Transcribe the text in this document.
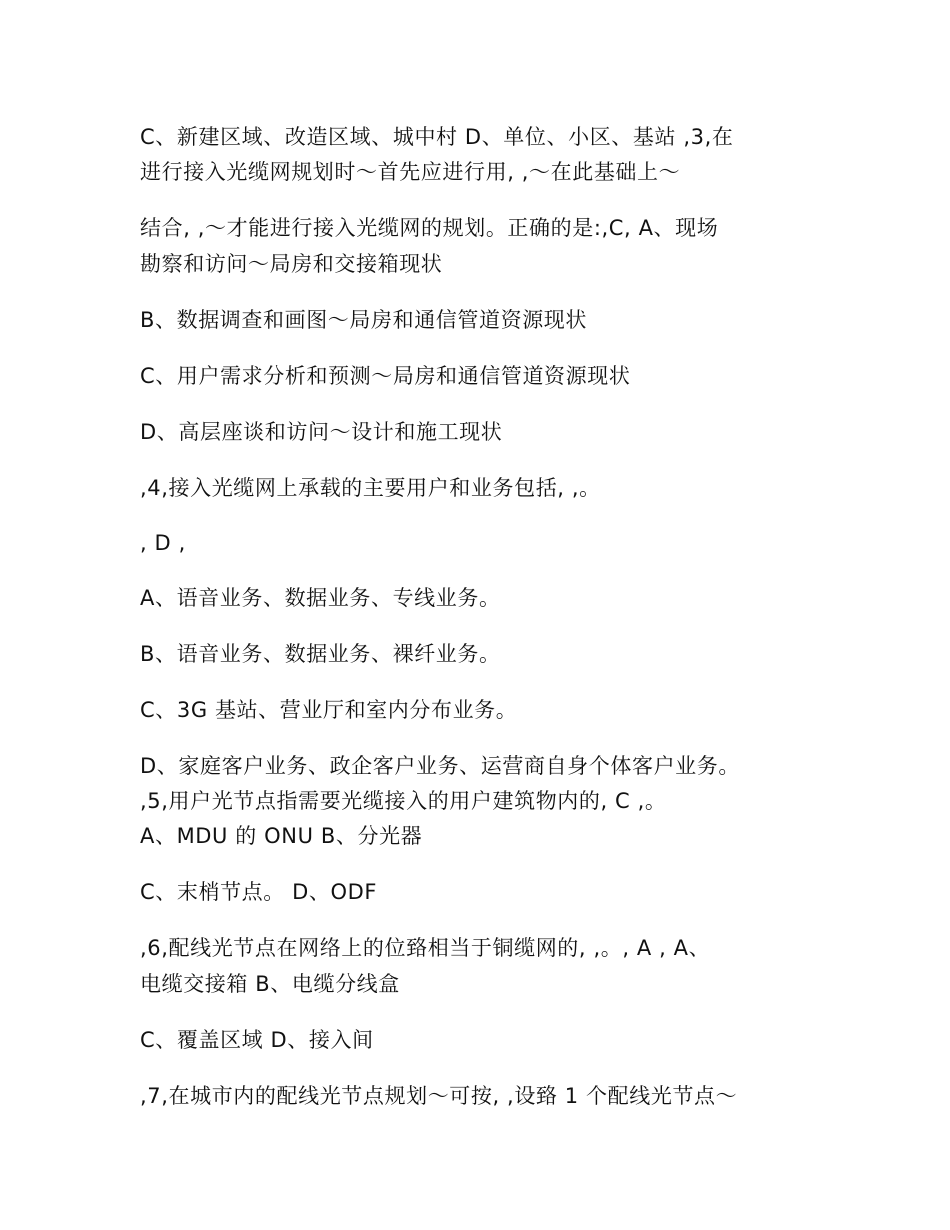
C、新建区域、改造区域、城中村 D、单位、小区、基站 ,3,在
进行接入光缆网规划时～首先应进行用, ,～在此基础上～
结合, ,～才能进行接入光缆网的规划。正确的是:,C, A、现场
勘察和访问～局房和交接箱现状
B、数据调查和画图～局房和通信管道资源现状
C、用户需求分析和预测～局房和通信管道资源现状
D、高层座谈和访问～设计和施工现状
,4,接入光缆网上承载的主要用户和业务包括, ,。
, D ,
A、语音业务、数据业务、专线业务。
B、语音业务、数据业务、裸纤业务。
C、3G 基站、营业厅和室内分布业务。
D、家庭客户业务、政企客户业务、运营商自身个体客户业务。
,5,用户光节点指需要光缆接入的用户建筑物内的, C ,。
A、MDU 的 ONU B、分光器
C、末梢节点。 D、ODF
,6,配线光节点在网络上的位臵相当于铜缆网的, ,。, A , A、
电缆交接箱 B、电缆分线盒
C、覆盖区域 D、接入间
,7,在城市内的配线光节点规划～可按, ,设臵 1 个配线光节点～
